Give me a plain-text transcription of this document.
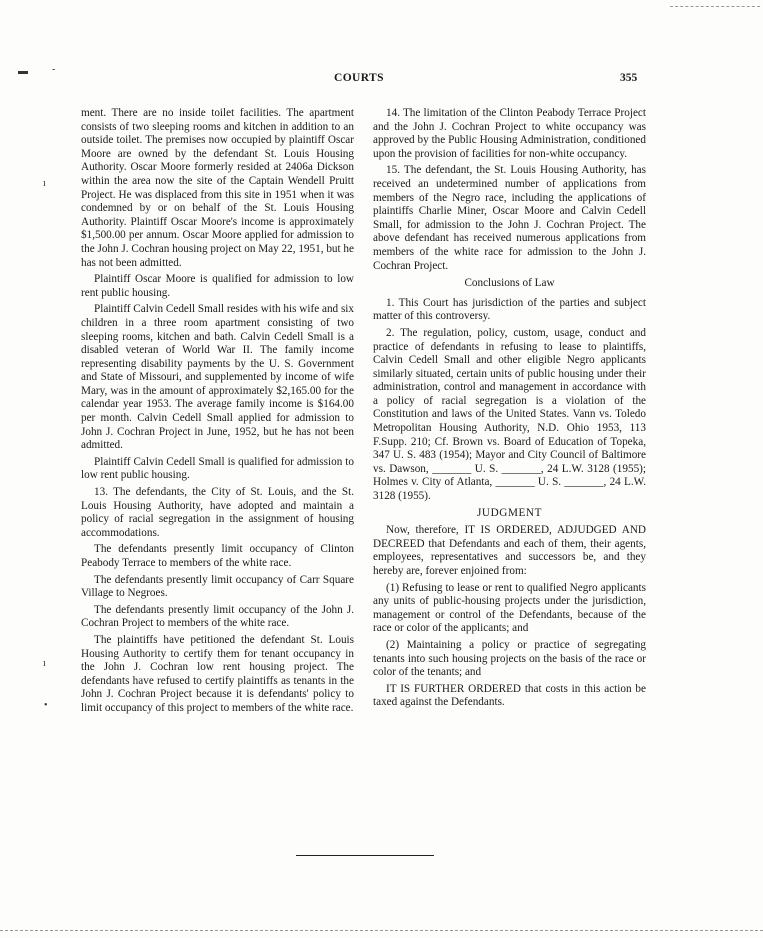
▬ -
ı
ı
•
COURTS	355

ment. There are no inside toilet facilities. The apartment consists of two sleeping rooms and kitchen in addition to an outside toilet. The premises now occupied by plaintiff Oscar Moore are owned by the defendant St. Louis Housing Authority. Oscar Moore formerly resided at 2406a Dickson within the area now the site of the Captain Wendell Pruitt Project. He was displaced from this site in 1951 when it was condemned by or on behalf of the St. Louis Housing Authority. Plaintiff Oscar Moore's income is approximately $1,500.00 per annum. Oscar Moore applied for admission to the John J. Cochran housing project on May 22, 1951, but he has not been admitted.

Plaintiff Oscar Moore is qualified for admission to low rent public housing.

Plaintiff Calvin Cedell Small resides with his wife and six children in a three room apartment consisting of two sleeping rooms, kitchen and bath. Calvin Cedell Small is a disabled veteran of World War II. The family income representing disability payments by the U. S. Government and State of Missouri, and supplemented by income of wife Mary, was in the amount of approximately $2,165.00 for the calendar year 1953. The average family income is $164.00 per month. Calvin Cedell Small applied for admission to John J. Cochran Project in June, 1952, but he has not been admitted.

Plaintiff Calvin Cedell Small is qualified for admission to low rent public housing.

13. The defendants, the City of St. Louis, and the St. Louis Housing Authority, have adopted and maintain a policy of racial segregation in the assignment of housing accommodations.

The defendants presently limit occupancy of Clinton Peabody Terrace to members of the white race.

The defendants presently limit occupancy of Carr Square Village to Negroes.

The defendants presently limit occupancy of the John J. Cochran Project to members of the white race.

The plaintiffs have petitioned the defendant St. Louis Housing Authority to certify them for tenant occupancy in the John J. Cochran low rent housing project. The defendants have refused to certify plaintiffs as tenants in the John J. Cochran Project because it is defendants' policy to limit occupancy of this project to members of the white race.

14. The limitation of the Clinton Peabody Terrace Project and the John J. Cochran Project to white occupancy was approved by the Public Housing Administration, conditioned upon the provision of facilities for non-white occupancy.

15. The defendant, the St. Louis Housing Authority, has received an undetermined number of applications from members of the Negro race, including the applications of plaintiffs Charlie Miner, Oscar Moore and Calvin Cedell Small, for admission to the John J. Cochran Project. The above defendant has received numerous applications from members of the white race for admission to the John J. Cochran Project.

Conclusions of Law

1. This Court has jurisdiction of the parties and subject matter of this controversy.

2. The regulation, policy, custom, usage, conduct and practice of defendants in refusing to lease to plaintiffs, Calvin Cedell Small and other eligible Negro applicants similarly situated, certain units of public housing under their administration, control and management in accordance with a policy of racial segregation is a violation of the Constitution and laws of the United States. Vann vs. Toledo Metropolitan Housing Authority, N.D. Ohio 1953, 113 F.Supp. 210; Cf. Brown vs. Board of Education of Topeka, 347 U. S. 483 (1954); Mayor and City Council of Baltimore vs. Dawson, _______ U. S. _______, 24 L.W. 3128 (1955); Holmes v. City of Atlanta, _______ U. S. _______, 24 L.W. 3128 (1955).

JUDGMENT

Now, therefore, IT IS ORDERED, ADJUDGED AND DECREED that Defendants and each of them, their agents, employees, representatives and successors be, and they hereby are, forever enjoined from:

(1) Refusing to lease or rent to qualified Negro applicants any units of public-housing projects under the jurisdiction, management or control of the Defendants, because of the race or color of the applicants; and

(2) Maintaining a policy or practice of segregating tenants into such housing projects on the basis of the race or color of the tenants; and

IT IS FURTHER ORDERED that costs in this action be taxed against the Defendants.
